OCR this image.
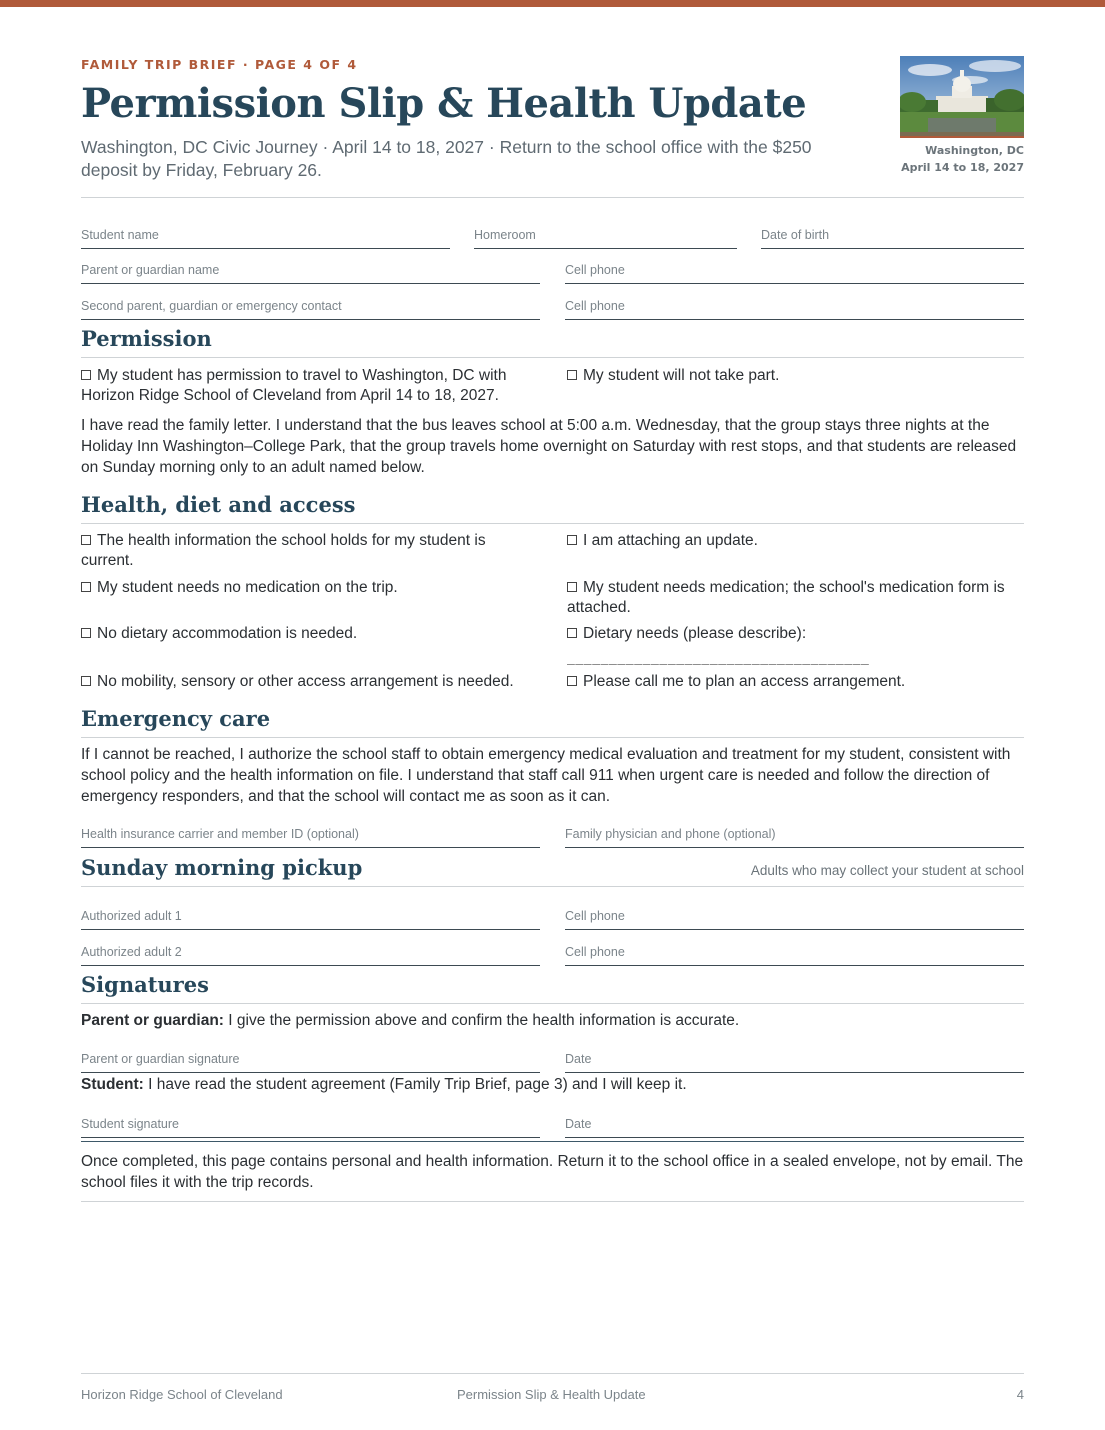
FAMILY TRIP BRIEF · PAGE 4 OF 4
Permission Slip & Health Update
Washington, DC Civic Journey · April 14 to 18, 2027 · Return to the school office with the $250 deposit by Friday, February 26.
Washington, DC
April 14 to 18, 2027
Student name	Homeroom	Date of birth
Parent or guardian name	Cell phone
Second parent, guardian or emergency contact	Cell phone
Permission
My student has permission to travel to Washington, DC with Horizon Ridge School of Cleveland from April 14 to 18, 2027.
My student will not take part.
I have read the family letter. I understand that the bus leaves school at 5:00 a.m. Wednesday, that the group stays three nights at the Holiday Inn Washington–College Park, that the group travels home overnight on Saturday with rest stops, and that students are released on Sunday morning only to an adult named below.
Health, diet and access
The health information the school holds for my student is current.
I am attaching an update.
My student needs no medication on the trip.	My student needs medication; the school's medication form is attached.
No dietary accommodation is needed.	Dietary needs (please describe):
____________________________________
No mobility, sensory or other access arrangement is needed.	Please call me to plan an access arrangement.
Emergency care
If I cannot be reached, I authorize the school staff to obtain emergency medical evaluation and treatment for my student, consistent with school policy and the health information on file. I understand that staff call 911 when urgent care is needed and follow the direction of emergency responders, and that the school will contact me as soon as it can.
Health insurance carrier and member ID (optional)	Family physician and phone (optional)
Sunday morning pickup	Adults who may collect your student at school
Authorized adult 1	Cell phone
Authorized adult 2	Cell phone
Signatures
Parent or guardian: I give the permission above and confirm the health information is accurate.
Parent or guardian signature	Date
Student: I have read the student agreement (Family Trip Brief, page 3) and I will keep it.
Student signature	Date
Once completed, this page contains personal and health information. Return it to the school office in a sealed envelope, not by email. The school files it with the trip records.
Horizon Ridge School of Cleveland	Permission Slip & Health Update	4
